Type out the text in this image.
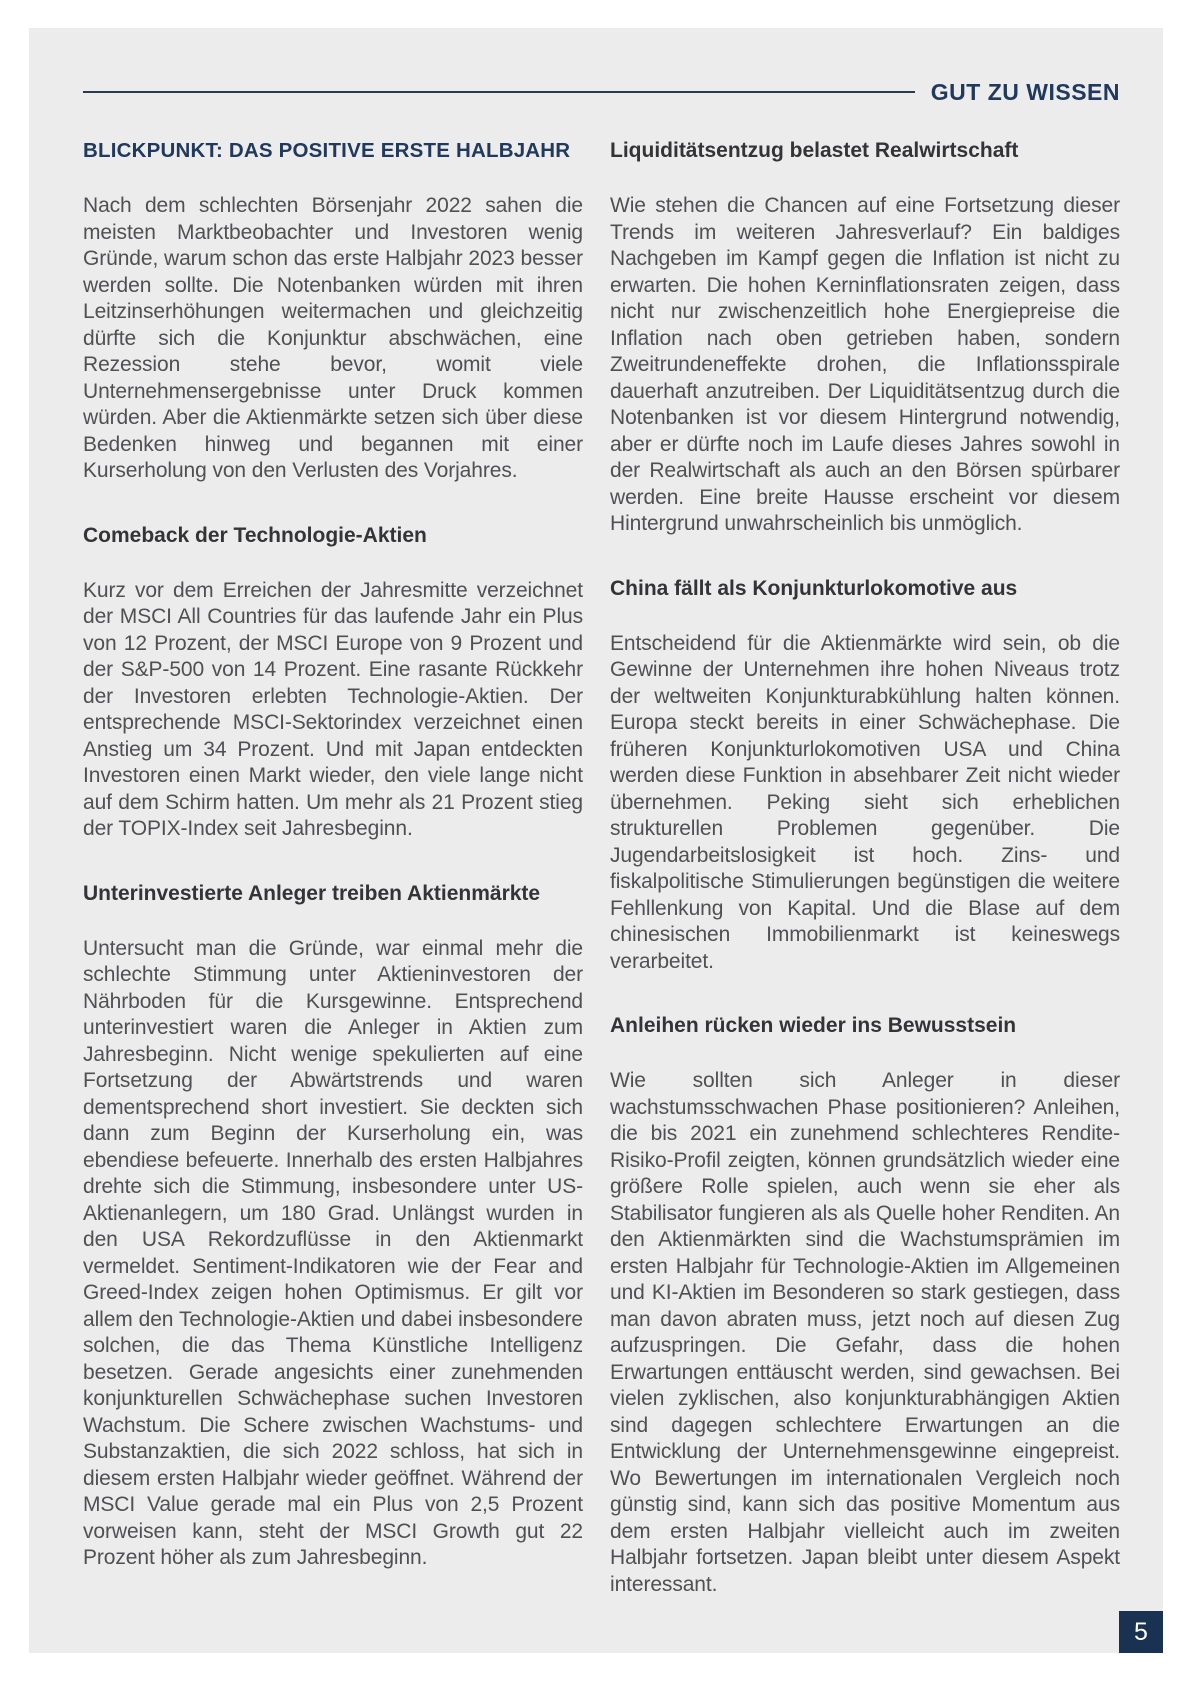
GUT ZU WISSEN
BLICKPUNKT: DAS POSITIVE ERSTE HALBJAHR

Nach dem schlechten Börsenjahr 2022 sahen die meisten Marktbeobachter und Investoren wenig Gründe, warum schon das erste Halbjahr 2023 besser werden sollte. Die Notenbanken würden mit ihren Leitzinserhöhungen weitermachen und gleichzeitig dürfte sich die Konjunktur abschwächen, eine Rezession stehe bevor, womit viele Unternehmensergebnisse unter Druck kommen würden. Aber die Aktienmärkte setzen sich über diese Bedenken hinweg und begannen mit einer Kurserholung von den Verlusten des Vorjahres.

Comeback der Technologie-Aktien

Kurz vor dem Erreichen der Jahresmitte verzeichnet der MSCI All Countries für das laufende Jahr ein Plus von 12 Prozent, der MSCI Europe von 9 Prozent und der S&P-500 von 14 Prozent. Eine rasante Rückkehr der Investoren erlebten Technologie-Aktien. Der entsprechende MSCI-Sektorindex verzeichnet einen Anstieg um 34 Prozent. Und mit Japan entdeckten Investoren einen Markt wieder, den viele lange nicht auf dem Schirm hatten. Um mehr als 21 Prozent stieg der TOPIX-Index seit Jahresbeginn.

Unterinvestierte Anleger treiben Aktienmärkte

Untersucht man die Gründe, war einmal mehr die schlechte Stimmung unter Aktieninvestoren der Nährboden für die Kursgewinne. Entsprechend unterinvestiert waren die Anleger in Aktien zum Jahresbeginn. Nicht wenige spekulierten auf eine Fortsetzung der Abwärtstrends und waren dementsprechend short investiert. Sie deckten sich dann zum Beginn der Kurserholung ein, was ebendiese befeuerte. Innerhalb des ersten Halbjahres drehte sich die Stimmung, insbesondere unter US-Aktienanlegern, um 180 Grad. Unlängst wurden in den USA Rekordzuflüsse in den Aktienmarkt vermeldet. Sentiment-Indikatoren wie der Fear and Greed-Index zeigen hohen Optimismus. Er gilt vor allem den Technologie-Aktien und dabei insbesondere solchen, die das Thema Künstliche Intelligenz besetzen. Gerade angesichts einer zunehmenden konjunkturellen Schwächephase suchen Investoren Wachstum. Die Schere zwischen Wachstums- und Substanzaktien, die sich 2022 schloss, hat sich in diesem ersten Halbjahr wieder geöffnet. Während der MSCI Value gerade mal ein Plus von 2,5 Prozent vorweisen kann, steht der MSCI Growth gut 22 Prozent höher als zum Jahresbeginn.

Liquiditätsentzug belastet Realwirtschaft

Wie stehen die Chancen auf eine Fortsetzung dieser Trends im weiteren Jahresverlauf? Ein baldiges Nachgeben im Kampf gegen die Inflation ist nicht zu erwarten. Die hohen Kerninflationsraten zeigen, dass nicht nur zwischenzeitlich hohe Energiepreise die Inflation nach oben getrieben haben, sondern Zweitrundeneffekte drohen, die Inflationsspirale dauerhaft anzutreiben. Der Liquiditätsentzug durch die Notenbanken ist vor diesem Hintergrund notwendig, aber er dürfte noch im Laufe dieses Jahres sowohl in der Realwirtschaft als auch an den Börsen spürbarer werden. Eine breite Hausse erscheint vor diesem Hintergrund unwahrscheinlich bis unmöglich.

China fällt als Konjunkturlokomotive aus

Entscheidend für die Aktienmärkte wird sein, ob die Gewinne der Unternehmen ihre hohen Niveaus trotz der weltweiten Konjunkturabkühlung halten können. Europa steckt bereits in einer Schwächephase. Die früheren Konjunkturlokomotiven USA und China werden diese Funktion in absehbarer Zeit nicht wieder übernehmen. Peking sieht sich erheblichen strukturellen Problemen gegenüber. Die Jugendarbeitslosigkeit ist hoch. Zins- und fiskalpolitische Stimulierungen begünstigen die weitere Fehllenkung von Kapital. Und die Blase auf dem chinesischen Immobilienmarkt ist keineswegs verarbeitet.

Anleihen rücken wieder ins Bewusstsein

Wie sollten sich Anleger in dieser wachstumsschwachen Phase positionieren? Anleihen, die bis 2021 ein zunehmend schlechteres Rendite-Risiko-Profil zeigten, können grundsätzlich wieder eine größere Rolle spielen, auch wenn sie eher als Stabilisator fungieren als als Quelle hoher Renditen. An den Aktienmärkten sind die Wachstumsprämien im ersten Halbjahr für Technologie-Aktien im Allgemeinen und KI-Aktien im Besonderen so stark gestiegen, dass man davon abraten muss, jetzt noch auf diesen Zug aufzuspringen. Die Gefahr, dass die hohen Erwartungen enttäuscht werden, sind gewachsen. Bei vielen zyklischen, also konjunkturabhängigen Aktien sind dagegen schlechtere Erwartungen an die Entwicklung der Unternehmensgewinne eingepreist. Wo Bewertungen im internationalen Vergleich noch günstig sind, kann sich das positive Momentum aus dem ersten Halbjahr vielleicht auch im zweiten Halbjahr fortsetzen. Japan bleibt unter diesem Aspekt interessant.

5
